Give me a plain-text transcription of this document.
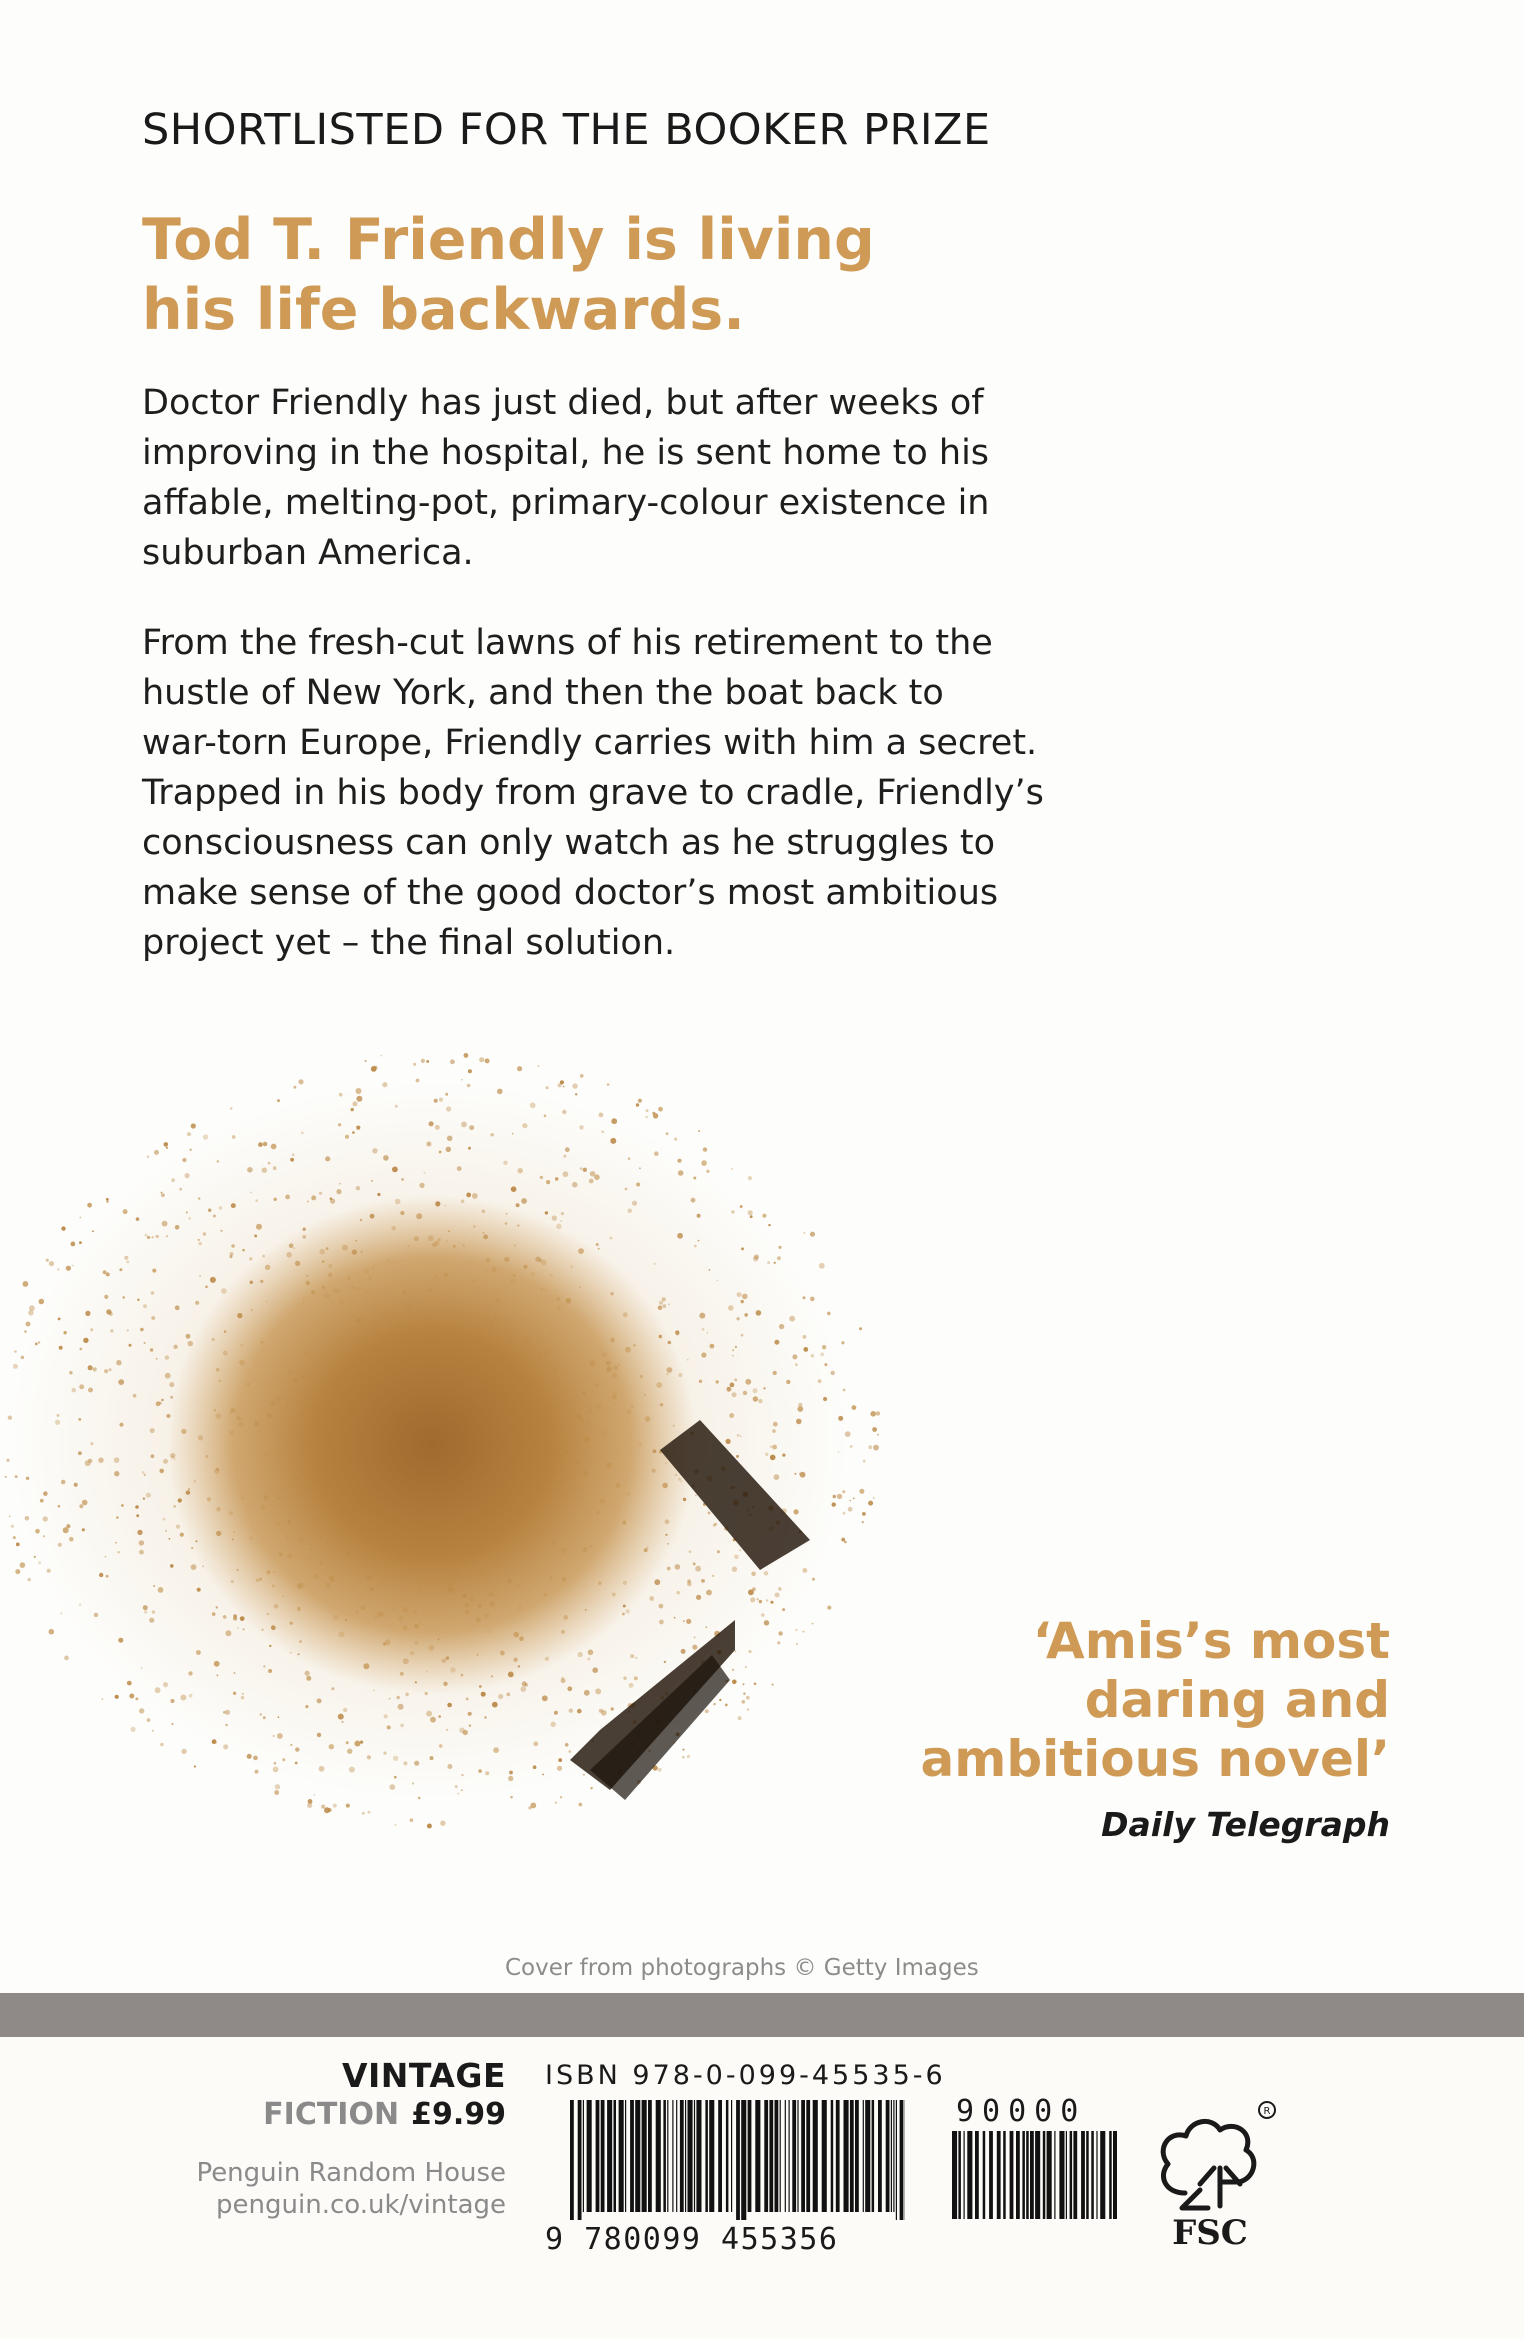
SHORTLISTED FOR THE BOOKER PRIZE
Tod T. Friendly is living
his life backwards.
Doctor Friendly has just died, but after weeks of
improving in the hospital, he is sent home to his
affable, melting-pot, primary-colour existence in
suburban America.
From the fresh-cut lawns of his retirement to the
hustle of New York, and then the boat back to
war-torn Europe, Friendly carries with him a secret.
Trapped in his body from grave to cradle, Friendly’s
consciousness can only watch as he struggles to
make sense of the good doctor’s most ambitious
project yet – the final solution.
‘Amis’s most
daring and
ambitious novel’
Daily Telegraph
Cover from photographs © Getty Images
VINTAGE
FICTION £9.99
Penguin Random House
penguin.co.uk/vintage
ISBN 978-0-099-45535-6
9 780099 455356
90000	R
FSC
